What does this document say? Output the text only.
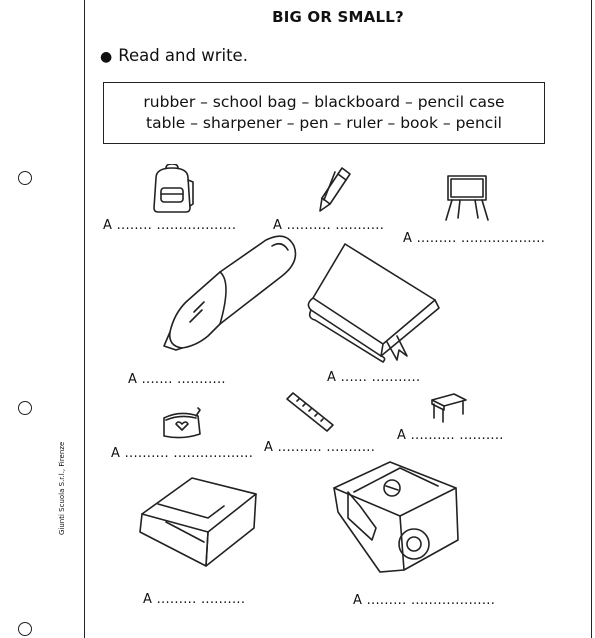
BIG OR SMALL?
● Read and write.
rubber – school bag – blackboard – pencil case
table – sharpener – pen – ruler – book – pencil
A ........ ..................	A .......... ...........
A ......... ...................
A ....... ...........	A ...... ...........
A .......... ..........
A .......... ...........
A .......... ..................
A ......... ..........	A ......... ...................
Giunti Scuola S.r.l., Firenze
